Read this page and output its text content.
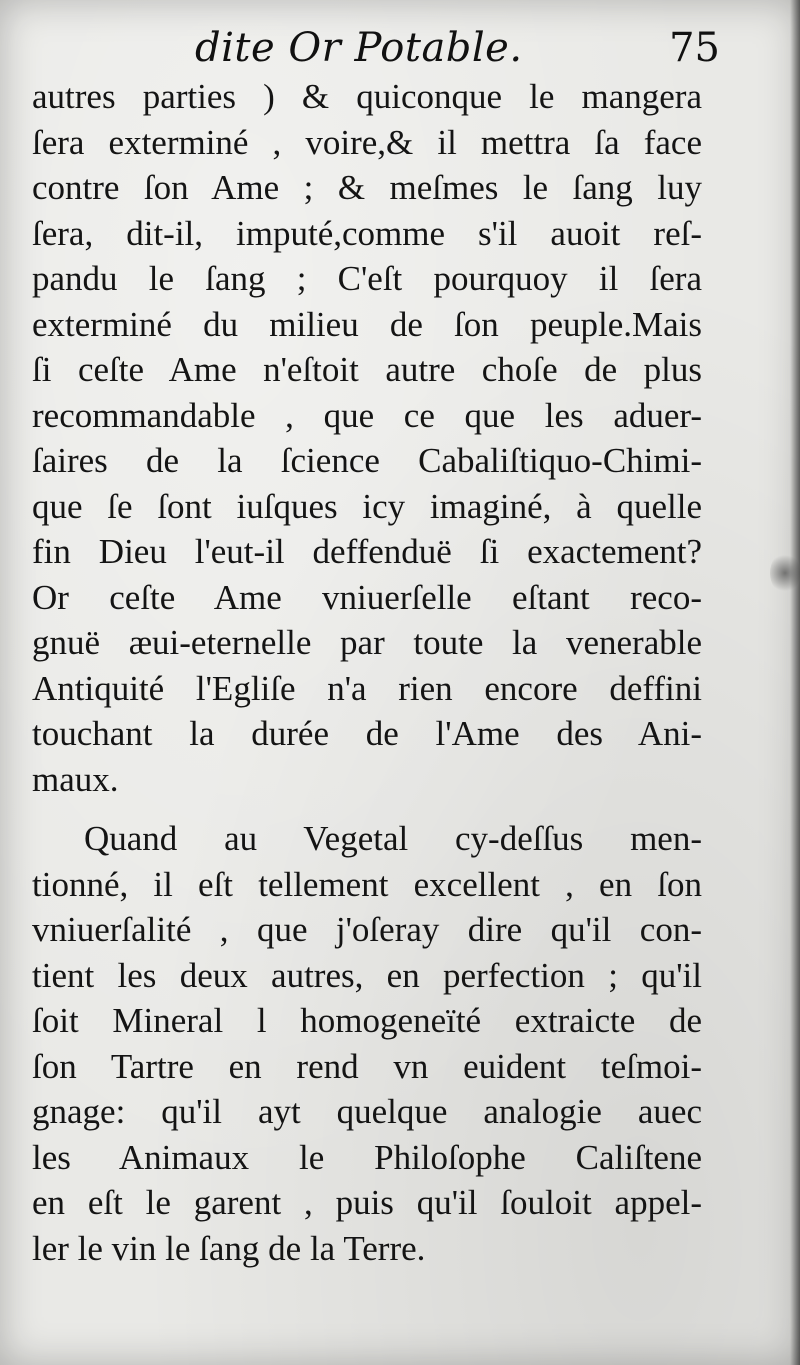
dite Or Potable.	75
autres parties ) & quiconque le mangera
ſera exterminé , voire,& il mettra ſa face
contre ſon Ame ; & meſmes le ſang luy
ſera, dit-il, imputé,comme s'il auoit reſ-
pandu le ſang ; C'eſt pourquoy il ſera
exterminé du milieu de ſon peuple.Mais
ſi ceſte Ame n'eſtoit autre choſe de plus
recommandable , que ce que les aduer-
ſaires de la ſcience Cabaliſtiquo-Chimi-
que ſe ſont iuſques icy imaginé, à quelle
fin Dieu l'eut-il deffenduë ſi exactement?
Or ceſte Ame vniuerſelle eſtant reco-
gnuë æui-eternelle par toute la venerable
Antiquité l'Egliſe n'a rien encore deffini
touchant la durée de l'Ame des Ani-
maux.
Quand au Vegetal cy-deſſus men-
tionné, il eſt tellement excellent , en ſon
vniuerſalité , que j'oſeray dire qu'il con-
tient les deux autres, en perfection ; qu'il
ſoit Mineral l homogeneïté extraicte de
ſon Tartre en rend vn euident teſmoi-
gnage: qu'il ayt quelque analogie auec
les Animaux le Philoſophe Caliſtene
en eſt le garent , puis qu'il ſouloit appel-
ler le vin le ſang de la Terre.
